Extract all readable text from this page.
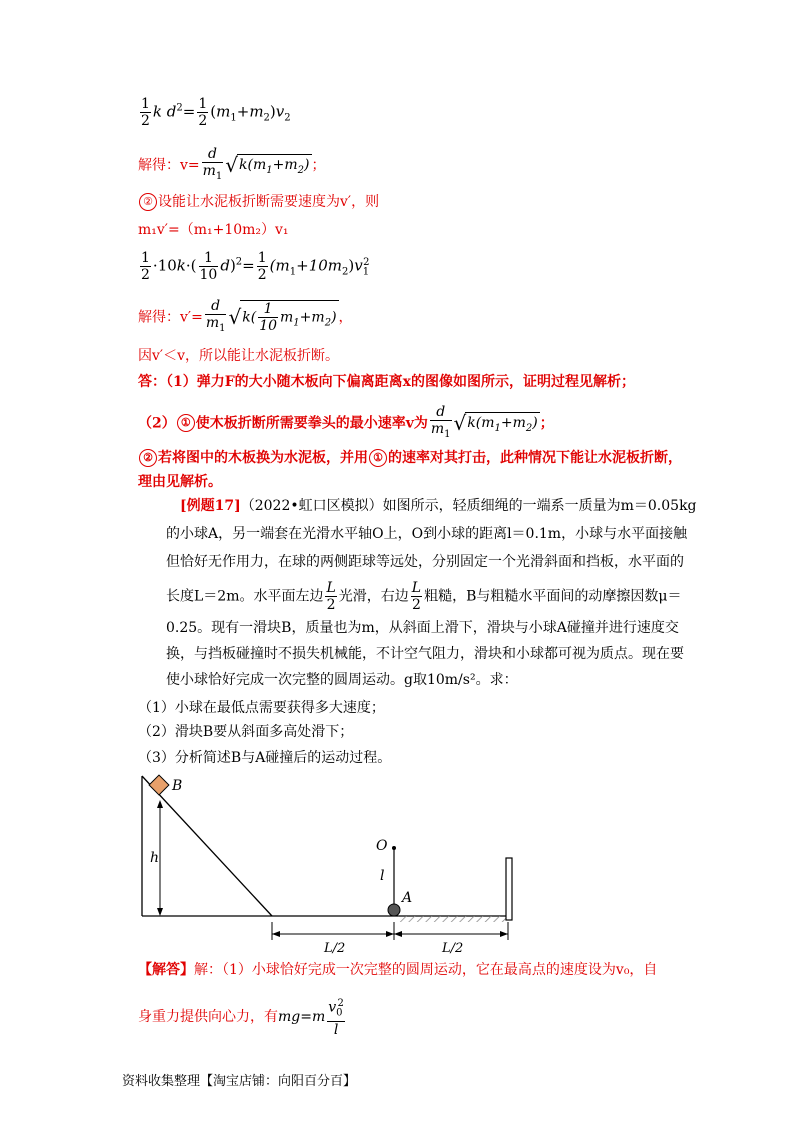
$\frac{1}{2}$ k $d^2= \frac{1}{2} (m_1+m_2)v_2$
解得：$v= \frac{d}{m_1} √k(m_1+m_2)$ ；
② 设能让水泥板折断需要速度为v′，则
m₁v′=（m₁+10m₂）v₁
$\frac{1}{2} \cdot 10k\cdot( \frac{1}{10} d)^2= \frac{1}{2} (m_1+10m_2)v_1^2$
解得：$v'= \frac{d}{m_1} √k( \frac{1}{10} m_1+m_2)$ ，
因v′＜v，所以能让水泥板折断。
答：（1）弹力F的大小随木板向下偏离距离x的图像如图所示，证明过程见解析；
（2） ① 使木板折断所需要拳头的最小速率v为 $\frac{d}{m_1} √k(m_1+m_2)$ ；
② 若将图中的木板换为水泥板，并用 ① 的速率对其打击，此种情况下能让水泥板折断，
理由见解析。
[例题17]（2022•虹口区模拟）如图所示，轻质细绳的一端系一质量为m＝0.05kg
的小球A，另一端套在光滑水平轴O上，O到小球的距离l＝0.1m，小球与水平面接触
但恰好无作用力，在球的两侧距球等远处，分别固定一个光滑斜面和挡板，水平面的
长度L＝2m。水平面左边 $\frac{L}{2}$ 光滑，右边 $\frac{L}{2}$ 粗糙，B与粗糙水平面间的动摩擦因数μ＝
0.25。现有一滑块B，质量也为m，从斜面上滑下，滑块与小球A碰撞并进行速度交
换，与挡板碰撞时不损失机械能，不计空气阻力，滑块和小球都可视为质点。现在要
使小球恰好完成一次完整的圆周运动。g取10m/s²。求：
（1）小球在最低点需要获得多大速度；
（2）滑块B要从斜面多高处滑下；
（3）分析简述B与A碰撞后的运动过程。
B
h
O
l
A
L/2	L/2
【解答】解：（1）小球恰好完成一次完整的圆周运动，它在最高点的速度设为v₀，自
身重力提供向心力，有$mg=m \frac{v_0^2}{l}$
资料收集整理【淘宝店铺：向阳百分百】
